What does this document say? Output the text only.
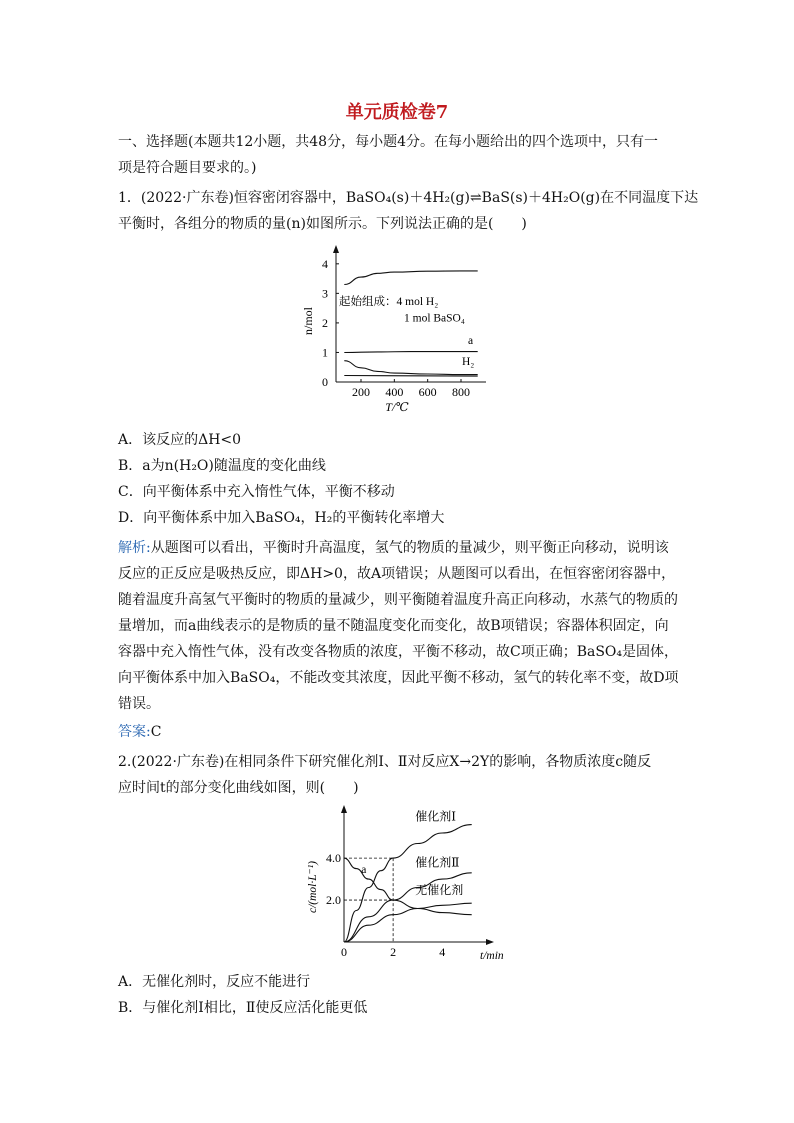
单元质检卷7
一、选择题(本题共12小题，共48分，每小题4分。在每小题给出的四个选项中，只有一
项是符合题目要求的。)
1．(2022·广东卷)恒容密闭容器中，BaSO₄(s)＋4H₂(g)⇌BaS(s)＋4H₂O(g)在不同温度下达
平衡时，各组分的物质的量(n)如图所示。下列说法正确的是(　　)
0
1
2
3
4
200 400 600 800
T/℃
n/mol
起始组成：4 mol H₂
1 mol BaSO₄
a
H₂
A．该反应的ΔH<0
B．a为n(H₂O)随温度的变化曲线
C．向平衡体系中充入惰性气体，平衡不移动
D．向平衡体系中加入BaSO₄，H₂的平衡转化率增大
解析:从题图可以看出，平衡时升高温度，氢气的物质的量减少，则平衡正向移动，说明该
反应的正反应是吸热反应，即ΔH>0，故A项错误；从题图可以看出，在恒容密闭容器中，
随着温度升高氢气平衡时的物质的量减少，则平衡随着温度升高正向移动，水蒸气的物质的
量增加，而a曲线表示的是物质的量不随温度变化而变化，故B项错误；容器体积固定，向
容器中充入惰性气体，没有改变各物质的浓度，平衡不移动，故C项正确；BaSO₄是固体，
向平衡体系中加入BaSO₄，不能改变其浓度，因此平衡不移动，氢气的转化率不变，故D项
错误。
答案:C
2.(2022·广东卷)在相同条件下研究催化剂Ⅰ、Ⅱ对反应X→2Y的影响，各物质浓度c随反
应时间t的部分变化曲线如图，则(　　)
2.0
4.0
0	2	4	t/min
c/(mol·L⁻¹)	a
催化剂Ⅰ
催化剂Ⅱ
无催化剂
A．无催化剂时，反应不能进行
B．与催化剂Ⅰ相比，Ⅱ使反应活化能更低
